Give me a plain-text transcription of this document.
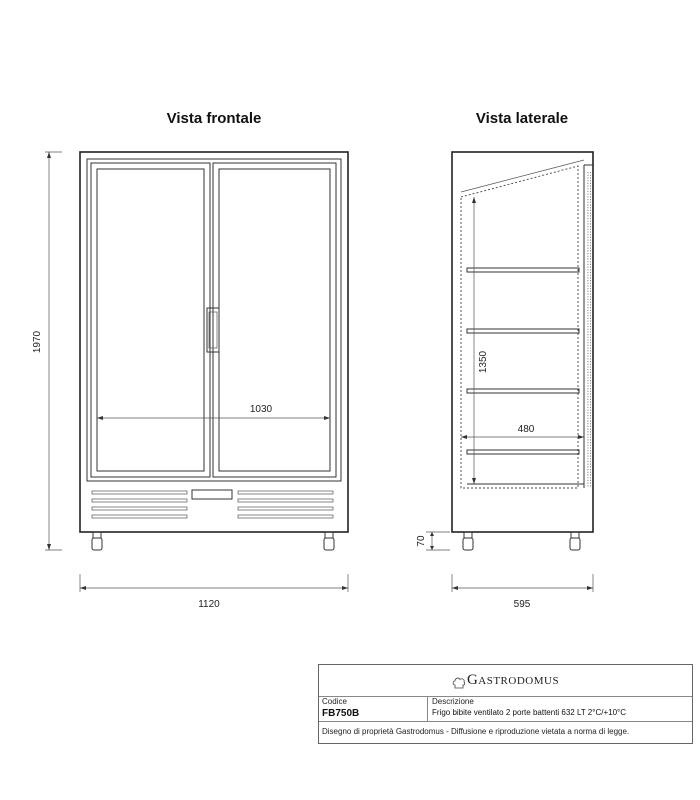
Vista frontale
1030
1970
1120
Vista laterale
1350
480
70
595
Gastrodomus
Codice
FB750B
Descrizione
Frigo bibite ventilato 2 porte battenti 632 LT 2°C/+10°C
Disegno di proprietà Gastrodomus - Diffusione e riproduzione vietata a norma di legge.
